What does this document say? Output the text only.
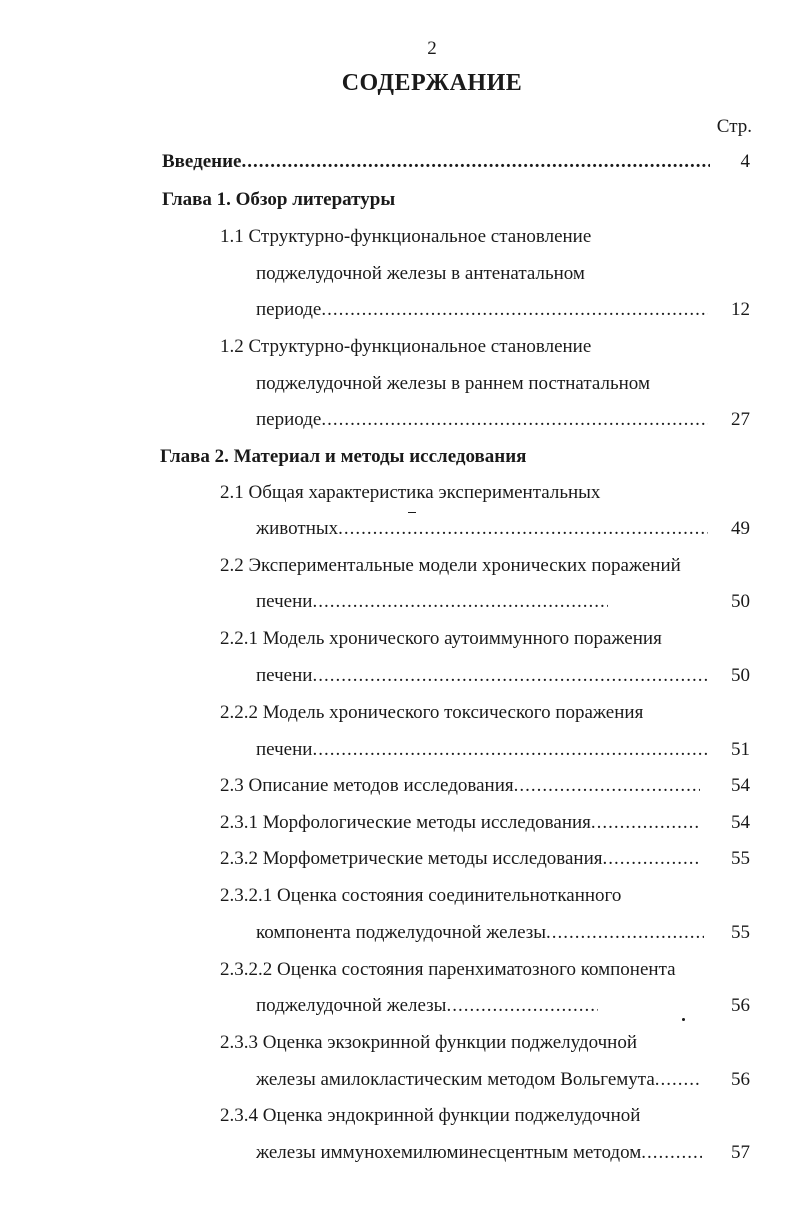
2
СОДЕРЖАНИЕ
Стр.
Введение .....	4
Глава 1. Обзор литературы
1.1 Структурно-функциональное становление
поджелудочной железы в антенатальном
периоде .....	12
1.2 Структурно-функциональное становление
поджелудочной железы в раннем постнатальном
периоде .....	27
Глава 2. Материал и методы исследования
2.1 Общая характеристика экспериментальных
животных .....	49
2.2 Экспериментальные модели хронических поражений
печени .....	50
2.2.1 Модель хронического аутоиммунного поражения
печени .....	50
2.2.2 Модель хронического токсического поражения
печени .....	51
2.3 Описание методов исследования .....	54
2.3.1 Морфологические методы исследования .....	54
2.3.2 Морфометрические методы исследования .....	55
2.3.2.1 Оценка состояния соединительнотканного
компонента поджелудочной железы .....	55
2.3.2.2 Оценка состояния паренхиматозного компонента
поджелудочной железы .....	56
2.3.3 Оценка экзокринной функции поджелудочной
железы амилокластическим методом Вольгемута .....	56
2.3.4 Оценка эндокринной функции поджелудочной
железы иммунохемилюминесцентным методом .....	57
